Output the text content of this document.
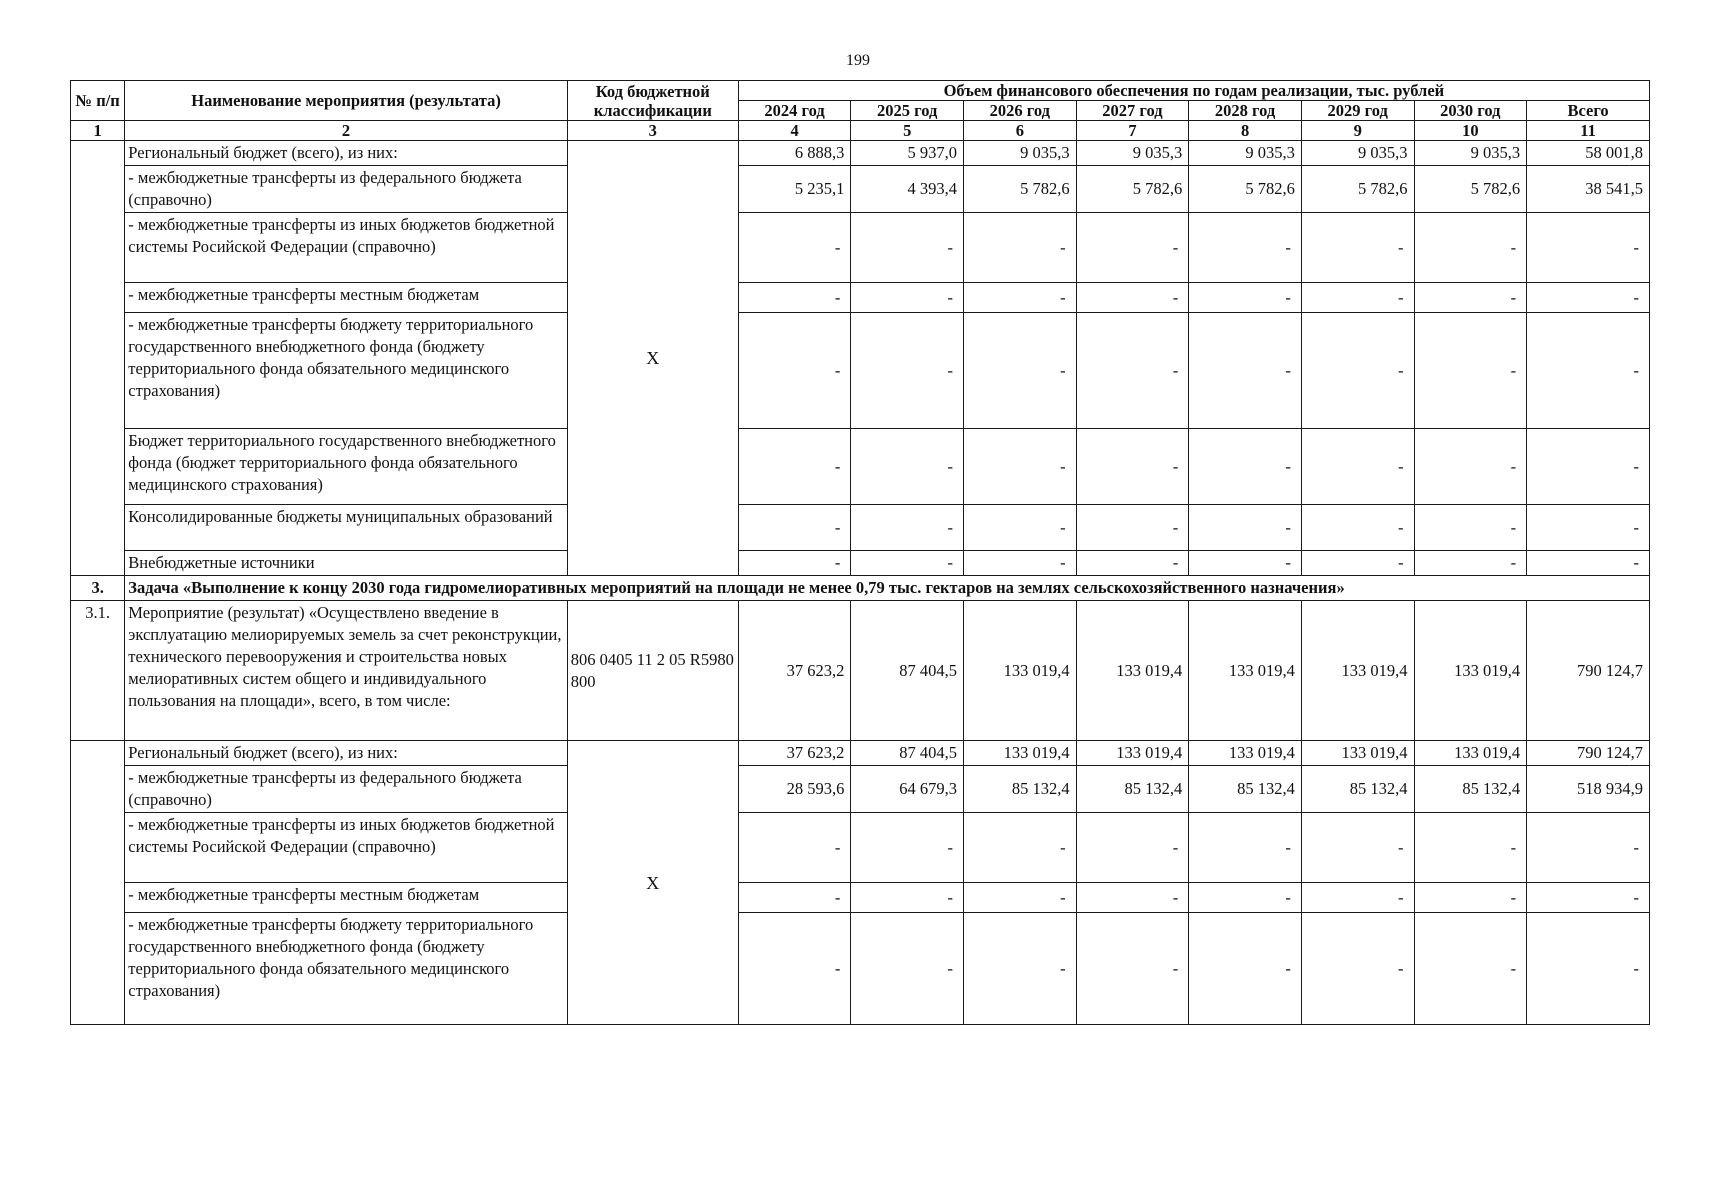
199
№ п/п	Наименование мероприятия (результата)	Код бюджетной классификации	Объем финансового обеспечения по годам реализации, тыс. рублей							
			2024 год	2025 год	2026 год	2027 год	2028 год	2029 год	2030 год	Всего
1	2	3	4	5	6	7	8	9	10	11
	Региональный бюджет (всего), из них:	X	6 888,3	5 937,0	9 035,3	9 035,3	9 035,3	9 035,3	9 035,3	58 001,8
	- межбюджетные трансферты из федерального бюджета (справочно)		5 235,1	4 393,4	5 782,6	5 782,6	5 782,6	5 782,6	5 782,6	38 541,5
	- межбюджетные трансферты из иных бюджетов бюджетной системы Росийской Федерации (справочно)		-	-	-	-	-	-	-	-
	- межбюджетные трансферты местным бюджетам		-	-	-	-	-	-	-	-
	- межбюджетные трансферты бюджету территориального государственного внебюджетного фонда (бюджету территориального фонда обязательного медицинского страхования)		-	-	-	-	-	-	-	-
	Бюджет территориального государственного внебюджетного фонда (бюджет территориального фонда обязательного медицинского страхования)		-	-	-	-	-	-	-	-
	Консолидированные бюджеты муниципальных образований		-	-	-	-	-	-	-	-
	Внебюджетные источники		-	-	-	-	-	-	-	-
3.	Задача «Выполнение к концу 2030 года гидромелиоративных мероприятий на площади не менее 0,79 тыс. гектаров на землях сельскохозяйственного назначения»									
3.1.	Мероприятие (результат) «Осуществлено введение в эксплуатацию мелиорируемых земель за счет реконструкции, технического перевооружения и строительства новых мелиоративных систем общего и индивидуального пользования на площади», всего, в том числе:	806 0405 11 2 05 R5980 800	37 623,2	87 404,5	133 019,4	133 019,4	133 019,4	133 019,4	133 019,4	790 124,7
	Региональный бюджет (всего), из них:	X	37 623,2	87 404,5	133 019,4	133 019,4	133 019,4	133 019,4	133 019,4	790 124,7
	- межбюджетные трансферты из федерального бюджета (справочно)		28 593,6	64 679,3	85 132,4	85 132,4	85 132,4	85 132,4	85 132,4	518 934,9
	- межбюджетные трансферты из иных бюджетов бюджетной системы Росийской Федерации (справочно)		-	-	-	-	-	-	-	-
	- межбюджетные трансферты местным бюджетам		-	-	-	-	-	-	-	-
	- межбюджетные трансферты бюджету территориального государственного внебюджетного фонда (бюджету территориального фонда обязательного медицинского страхования)		-	-	-	-	-	-	-	-
